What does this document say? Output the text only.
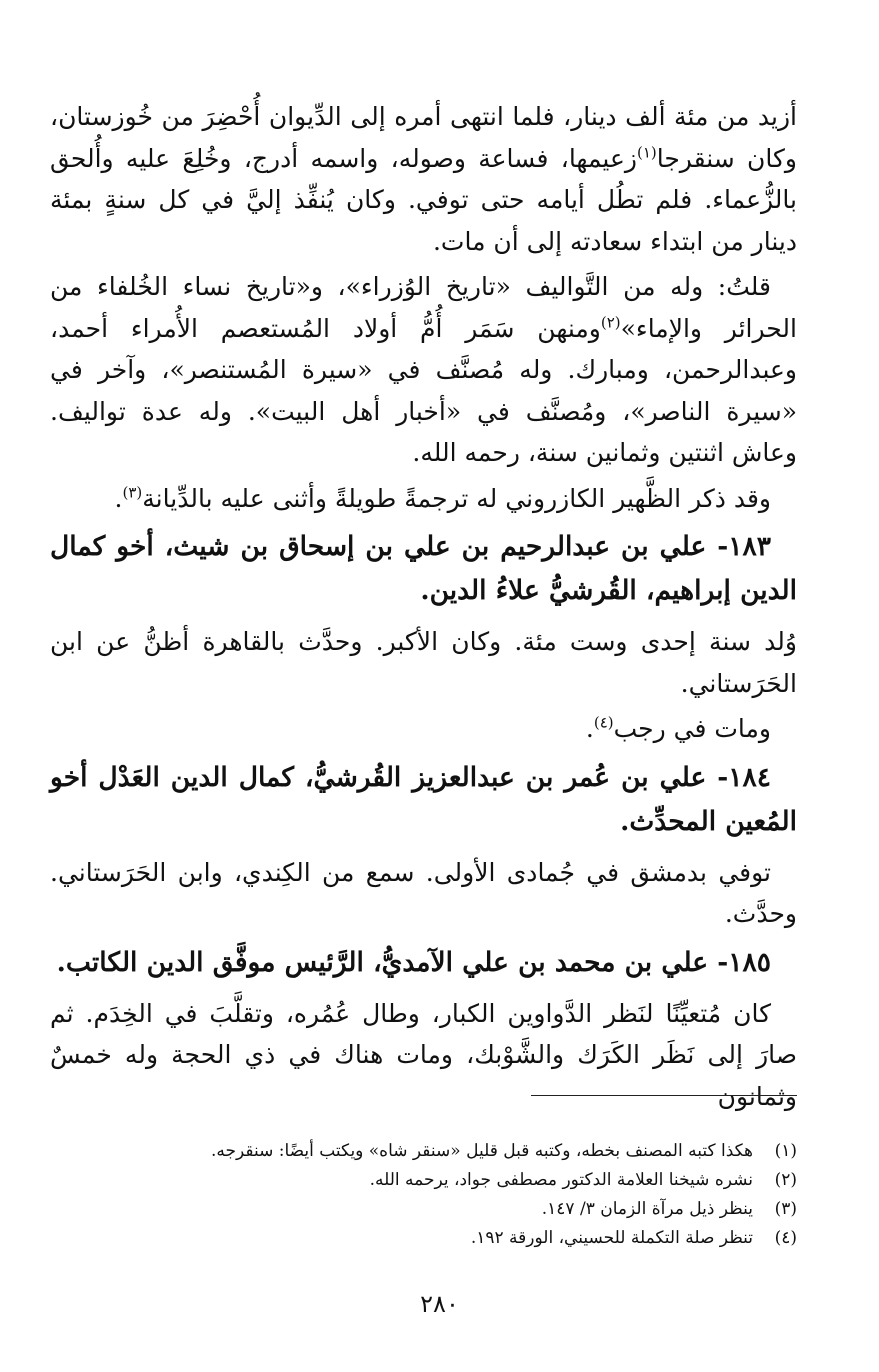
أزيد من مئة ألف دينار، فلما انتهى أمره إلى الدِّيوان أُحْضِرَ من خُوزستان، وكان سنقرجا$^{(١)}$زعيمها، فساعة وصوله، واسمه أدرج، وخُلِعَ عليه وأُلحق بالزُّعماء. فلم تطُل أيامه حتى توفي. وكان يُنفِّذ إليَّ في كل سنةٍ بمئة دينار من ابتداء سعادته إلى أن مات.

قلتُ: وله من التَّواليف «تاريخ الوُزراء»، و«تاريخ نساء الخُلفاء من الحرائر والإماء»$^{(٢)}$ومنهن سَمَر أُمُّ أولاد المُستعصم الأُمراء أحمد، وعبدالرحمن، ومبارك. وله مُصنَّف في «سيرة المُستنصر»، وآخر في «سيرة الناصر»، ومُصنَّف في «أخبار أهل البيت». وله عدة تواليف. وعاش اثنتين وثمانين سنة، رحمه الله.

وقد ذكر الظَّهير الكازروني له ترجمةً طويلةً وأثنى عليه بالدِّيانة$^{(٣)}$.

١٨٣- علي بن عبدالرحيم بن علي بن إسحاق بن شيث، أخو كمال الدين إبراهيم، القُرشيُّ علاءُ الدين.

وُلد سنة إحدى وست مئة. وكان الأكبر. وحدَّث بالقاهرة أظنُّ عن ابن الحَرَستاني.

ومات في رجب$^{(٤)}$.

١٨٤- علي بن عُمر بن عبدالعزيز القُرشيُّ، كمال الدين العَدْل أخو المُعين المحدِّث.

توفي بدمشق في جُمادى الأولى. سمع من الكِندي، وابن الحَرَستاني. وحدَّث.

١٨٥- علي بن محمد بن علي الآمديُّ، الرَّئيس موفَّق الدين الكاتب.

كان مُتعيِّنًا لنَظر الدَّواوين الكبار، وطال عُمُره، وتقلَّبَ في الخِدَم. ثم صارَ إلى نَظَر الكَرَك والشَّوْبك، ومات هناك في ذي الحجة وله خمسٌ وثمانون

(١)
هكذا كتبه المصنف بخطه، وكتبه قبل قليل «سنقر شاه» ويكتب أيضًا: سنقرجه.
(٢)
نشره شيخنا العلامة الدكتور مصطفى جواد، يرحمه الله.
(٣)
ينظر ذيل مرآة الزمان ٣/ ١٤٧.
(٤)
تنظر صلة التكملة للحسيني، الورقة ١٩٢.
٢٨٠
